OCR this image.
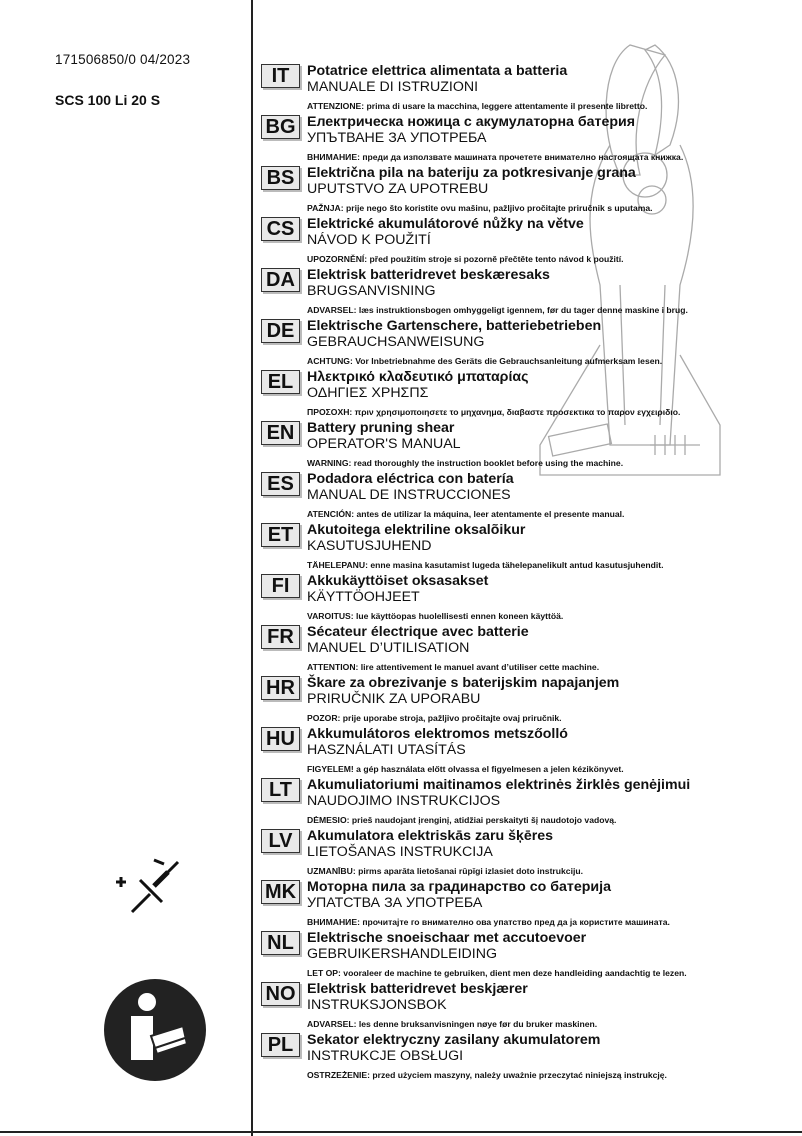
171506850/0 04/2023
SCS 100 Li 20 S
IT	Potatrice elettrica alimentata a batteria
MANUALE DI ISTRUZIONI
ATTENZIONE: prima di usare la macchina, leggere attentamente il presente libretto.
BG Електрическа ножица с акумулаторна батерия
УПЪТВАНЕ ЗА УПОТРЕБА
ВНИМАНИЕ: преди да използвате машината прочетете внимателно настоящата книжка.
BS Električna pila na bateriju za potkresivanje grana
UPUTSTVO ZA UPOTREBU
PAŽNJA: prije nego što koristite ovu mašinu, pažljivo pročitajte priručnik s uputama.
CS Elektrické akumulátorové nůžky na větve
NÁVOD K POUŽITÍ
UPOZORNĚNÍ: před použitím stroje si pozorně přečtěte tento návod k použití.
DA Elektrisk batteridrevet beskæresaks
BRUGSANVISNING
ADVARSEL: læs instruktionsbogen omhyggeligt igennem, før du tager denne maskine i brug.
DE Elektrische Gartenschere, batteriebetrieben
GEBRAUCHSANWEISUNG
ACHTUNG: Vor Inbetriebnahme des Geräts die Gebrauchsanleitung aufmerksam lesen.
EL Ηλεκτρικό κλαδευτικό μπαταρίας
ΟΔΗΓΙΕΣ ΧΡΗΣΠΣ
ΠΡΟΣΟΧΗ: πριν χρησιμοποιησετε το μηχανημα, διαβαστε προσεκτικα το παρον εγχειριδιο.
EN Battery pruning shear
OPERATOR'S MANUAL
WARNING: read thoroughly the instruction booklet before using the machine.
ES Podadora eléctrica con batería
MANUAL DE INSTRUCCIONES
ATENCIÓN: antes de utilizar la máquina, leer atentamente el presente manual.
ET Akutoitega elektriline oksalõikur
KASUTUSJUHEND
TÄHELEPANU: enne masina kasutamist lugeda tähelepanelikult antud kasutusjuhendit.
FI	Akkukäyttöiset oksasakset
KÄYTTÖOHJEET
VAROITUS: lue käyttöopas huolellisesti ennen koneen käyttöä.
FR Sécateur électrique avec batterie
MANUEL D’UTILISATION
ATTENTION: lire attentivement le manuel avant d’utiliser cette machine.
HR Škare za obrezivanje s baterijskim napajanjem
PRIRUČNIK ZA UPORABU
POZOR: prije uporabe stroja, pažljivo pročitajte ovaj priručnik.
HU Akkumulátoros elektromos metszőolló
HASZNÁLATI UTASÍTÁS
FIGYELEM! a gép használata előtt olvassa el figyelmesen a jelen kézikönyvet.
LT	Akumuliatoriumi maitinamos elektrinės žirklės genėjimui
NAUDOJIMO INSTRUKCIJOS
DĖMESIO: prieš naudojant įrenginį, atidžiai perskaityti šį naudotojo vadovą.
LV	Akumulatora elektriskās zaru šķēres
LIETOŠANAS INSTRUKCIJA
UZMANĪBU: pirms aparāta lietošanai rūpīgi izlasiet doto instrukciju.
MK Моторна пила за градинарство со батерија
УПАТСТВА ЗА УПОТРЕБА
ВНИМАНИЕ: прочитајте го внимателно ова упатство пред да ја користите машината.
NL Elektrische snoeischaar met accutoevoer
GEBRUIKERSHANDLEIDING
LET OP: vooraleer de machine te gebruiken, dient men deze handleiding aandachtig te lezen.
NO Elektrisk batteridrevet beskjærer
INSTRUKSJONSBOK
ADVARSEL: les denne bruksanvisningen nøye før du bruker maskinen.
PL Sekator elektryczny zasilany akumulatorem
INSTRUKCJE OBSŁUGI
OSTRZEŻENIE: przed użyciem maszyny, należy uważnie przeczytać niniejszą instrukcję.
